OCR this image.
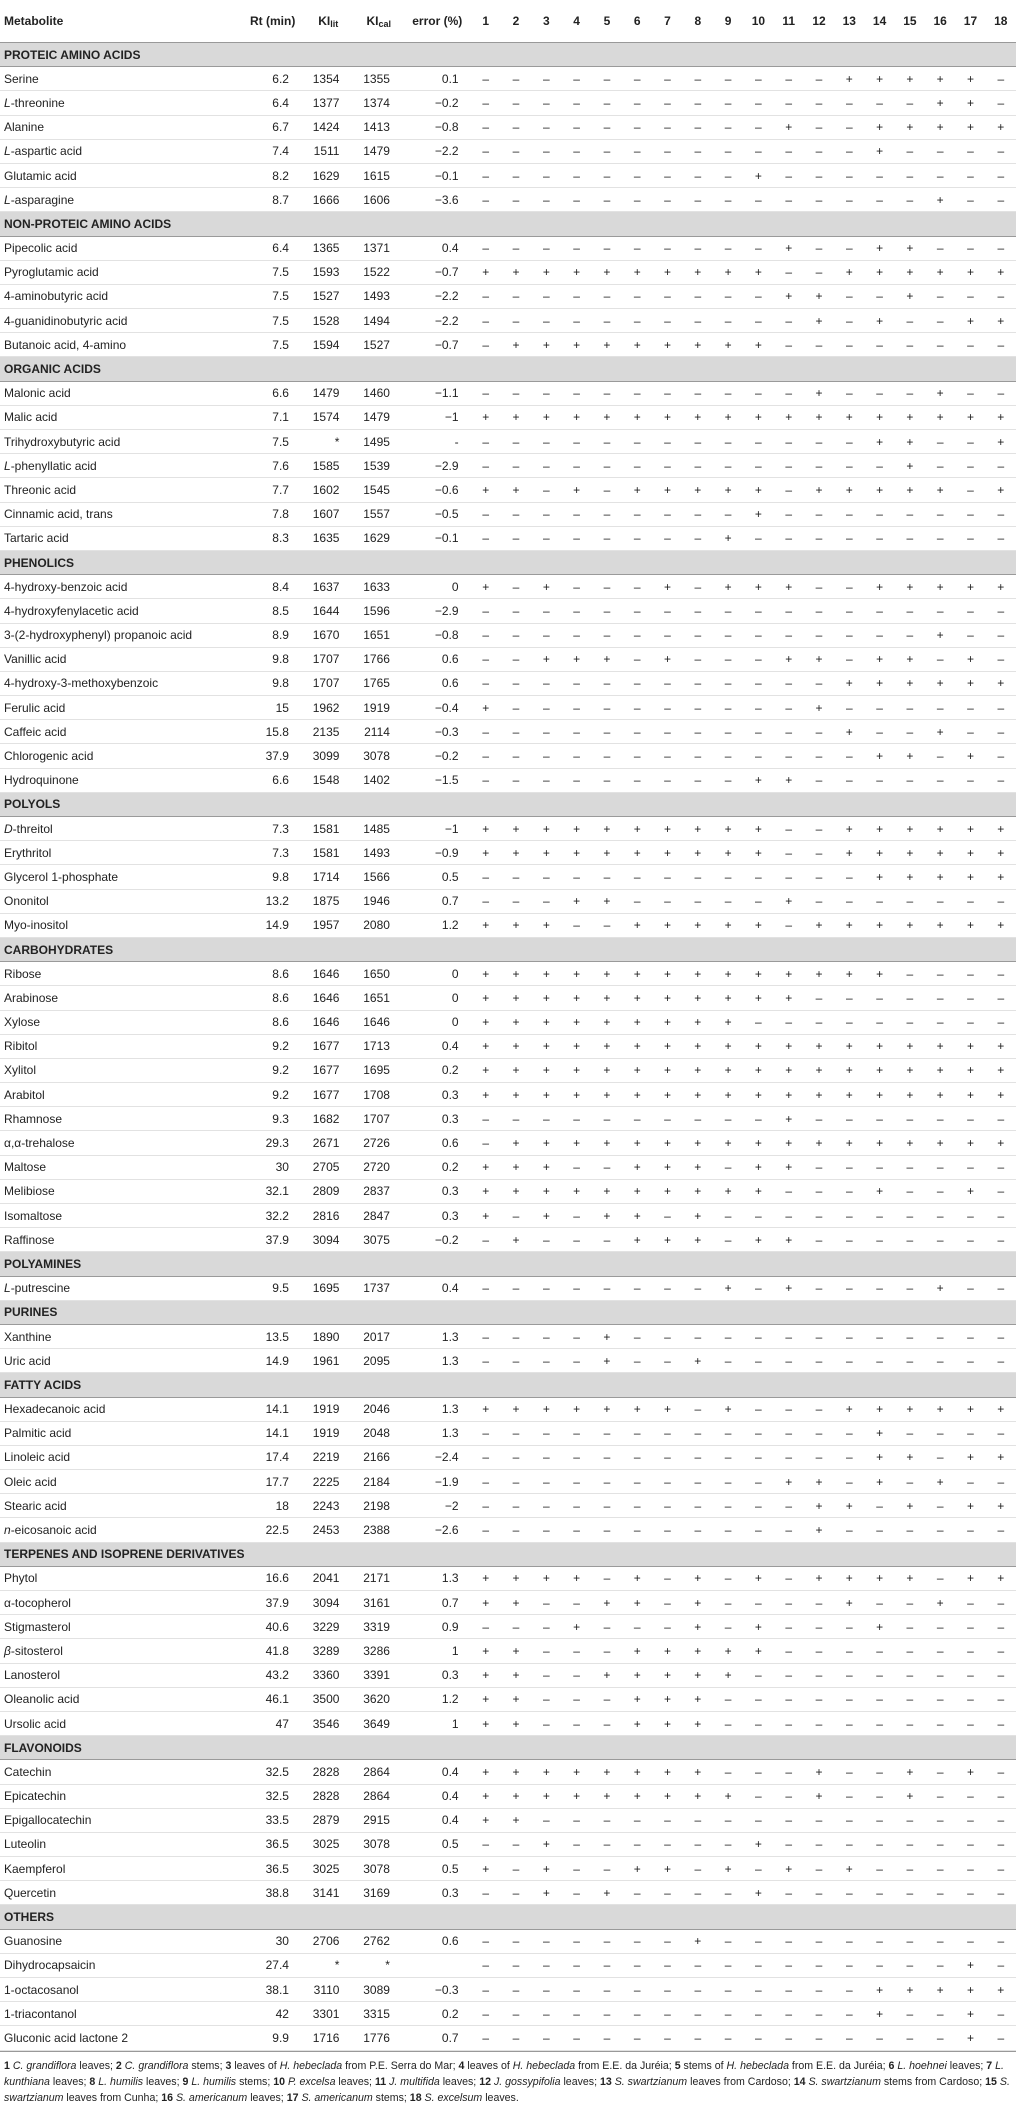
Metabolite	Rt (min)	$KI_{lit}$	$KI_{cal}$	error (%)	1	2	3	4	5	6	7	8	9	10	11	12	13	14	15	16	17	18
PROTEIC AMINO ACIDS																						
Serine	6.2	1354	1355	0.1	–	–	–	–	–	–	–	–	–	–	–	–	+	+	+	+	+	–
L-threonine	6.4	1377	1374	−0.2	–	–	–	–	–	–	–	–	–	–	–	–	–	–	–	+	+	–
Alanine	6.7	1424	1413	−0.8	–	–	–	–	–	–	–	–	–	–	+	–	–	+	+	+	+	+
L-aspartic acid	7.4	1511	1479	−2.2	–	–	–	–	–	–	–	–	–	–	–	–	–	+	–	–	–	–
Glutamic acid	8.2	1629	1615	−0.1	–	–	–	–	–	–	–	–	–	+	–	–	–	–	–	–	–	–
L-asparagine	8.7	1666	1606	−3.6	–	–	–	–	–	–	–	–	–	–	–	–	–	–	–	+	–	–
NON-PROTEIC AMINO ACIDS																						
Pipecolic acid	6.4	1365	1371	0.4	–	–	–	–	–	–	–	–	–	–	+	–	–	+	+	–	–	–
Pyroglutamic acid	7.5	1593	1522	−0.7	+	+	+	+	+	+	+	+	+	+	–	–	+	+	+	+	+	+
4-aminobutyric acid	7.5	1527	1493	−2.2	–	–	–	–	–	–	–	–	–	–	+	+	–	–	+	–	–	–
4-guanidinobutyric acid	7.5	1528	1494	−2.2	–	–	–	–	–	–	–	–	–	–	–	+	–	+	–	–	+	+
Butanoic acid, 4-amino	7.5	1594	1527	−0.7	–	+	+	+	+	+	+	+	+	+	–	–	–	–	–	–	–	–
ORGANIC ACIDS																						
Malonic acid	6.6	1479	1460	−1.1	–	–	–	–	–	–	–	–	–	–	–	+	–	–	–	+	–	–
Malic acid	7.1	1574	1479	−1	+	+	+	+	+	+	+	+	+	+	+	+	+	+	+	+	+	+
Trihydroxybutyric acid	7.5	*	1495	-	–	–	–	–	–	–	–	–	–	–	–	–	–	+	+	–	–	+
L-phenyllatic acid	7.6	1585	1539	−2.9	–	–	–	–	–	–	–	–	–	–	–	–	–	–	+	–	–	–
Threonic acid	7.7	1602	1545	−0.6	+	+	–	+	–	+	+	+	+	+	–	+	+	+	+	+	–	+
Cinnamic acid, trans	7.8	1607	1557	−0.5	–	–	–	–	–	–	–	–	–	+	–	–	–	–	–	–	–	–
Tartaric acid	8.3	1635	1629	−0.1	–	–	–	–	–	–	–	–	+	–	–	–	–	–	–	–	–	–
PHENOLICS																						
4-hydroxy-benzoic acid	8.4	1637	1633	0	+	–	+	–	–	–	+	–	+	+	+	–	–	+	+	+	+	+
4-hydroxyfenylacetic acid	8.5	1644	1596	−2.9	–	–	–	–	–	–	–	–	–	–	–	–	–	–	–	–	–	–
3-(2-hydroxyphenyl) propanoic acid	8.9	1670	1651	−0.8	–	–	–	–	–	–	–	–	–	–	–	–	–	–	–	+	–	–
Vanillic acid	9.8	1707	1766	0.6	–	–	+	+	+	–	+	–	–	–	+	+	–	+	+	–	+	–
4-hydroxy-3-methoxybenzoic	9.8	1707	1765	0.6	–	–	–	–	–	–	–	–	–	–	–	–	+	+	+	+	+	+
Ferulic acid	15	1962	1919	−0.4	+	–	–	–	–	–	–	–	–	–	–	+	–	–	–	–	–	–
Caffeic acid	15.8	2135	2114	−0.3	–	–	–	–	–	–	–	–	–	–	–	–	+	–	–	+	–	–
Chlorogenic acid	37.9	3099	3078	−0.2	–	–	–	–	–	–	–	–	–	–	–	–	–	+	+	–	+	–
Hydroquinone	6.6	1548	1402	−1.5	–	–	–	–	–	–	–	–	–	+	+	–	–	–	–	–	–	–
POLYOLS																						
D-threitol	7.3	1581	1485	−1	+	+	+	+	+	+	+	+	+	+	–	–	+	+	+	+	+	+
Erythritol	7.3	1581	1493	−0.9	+	+	+	+	+	+	+	+	+	+	–	–	+	+	+	+	+	+
Glycerol 1-phosphate	9.8	1714	1566	0.5	–	–	–	–	–	–	–	–	–	–	–	–	–	+	+	+	+	+
Ononitol	13.2	1875	1946	0.7	–	–	–	+	+	–	–	–	–	–	+	–	–	–	–	–	–	–
Myo-inositol	14.9	1957	2080	1.2	+	+	+	–	–	+	+	+	+	+	–	+	+	+	+	+	+	+
CARBOHYDRATES																						
Ribose	8.6	1646	1650	0	+	+	+	+	+	+	+	+	+	+	+	+	+	+	–	–	–	–
Arabinose	8.6	1646	1651	0	+	+	+	+	+	+	+	+	+	+	+	–	–	–	–	–	–	–
Xylose	8.6	1646	1646	0	+	+	+	+	+	+	+	+	+	–	–	–	–	–	–	–	–	–
Ribitol	9.2	1677	1713	0.4	+	+	+	+	+	+	+	+	+	+	+	+	+	+	+	+	+	+
Xylitol	9.2	1677	1695	0.2	+	+	+	+	+	+	+	+	+	+	+	+	+	+	+	+	+	+
Arabitol	9.2	1677	1708	0.3	+	+	+	+	+	+	+	+	+	+	+	+	+	+	+	+	+	+
Rhamnose	9.3	1682	1707	0.3	–	–	–	–	–	–	–	–	–	–	+	–	–	–	–	–	–	–
α,α-trehalose	29.3	2671	2726	0.6	–	+	+	+	+	+	+	+	+	+	+	+	+	+	+	+	+	+
Maltose	30	2705	2720	0.2	+	+	+	–	–	+	+	+	–	+	+	–	–	–	–	–	–	–
Melibiose	32.1	2809	2837	0.3	+	+	+	+	+	+	+	+	+	+	–	–	–	+	–	–	+	–
Isomaltose	32.2	2816	2847	0.3	+	–	+	–	+	+	–	+	–	–	–	–	–	–	–	–	–	–
Raffinose	37.9	3094	3075	−0.2	–	+	–	–	–	+	+	+	–	+	+	–	–	–	–	–	–	–
POLYAMINES																						
L-putrescine	9.5	1695	1737	0.4	–	–	–	–	–	–	–	–	+	–	+	–	–	–	–	+	–	–
PURINES																						
Xanthine	13.5	1890	2017	1.3	–	–	–	–	+	–	–	–	–	–	–	–	–	–	–	–	–	–
Uric acid	14.9	1961	2095	1.3	–	–	–	–	+	–	–	+	–	–	–	–	–	–	–	–	–	–
FATTY ACIDS																						
Hexadecanoic acid	14.1	1919	2046	1.3	+	+	+	+	+	+	+	–	+	–	–	–	+	+	+	+	+	+
Palmitic acid	14.1	1919	2048	1.3	–	–	–	–	–	–	–	–	–	–	–	–	–	+	–	–	–	–
Linoleic acid	17.4	2219	2166	−2.4	–	–	–	–	–	–	–	–	–	–	–	–	–	+	+	–	+	+
Oleic acid	17.7	2225	2184	−1.9	–	–	–	–	–	–	–	–	–	–	+	+	–	+	–	+	–	–
Stearic acid	18	2243	2198	−2	–	–	–	–	–	–	–	–	–	–	–	+	+	–	+	–	+	+
n-eicosanoic acid	22.5	2453	2388	−2.6	–	–	–	–	–	–	–	–	–	–	–	+	–	–	–	–	–	–
TERPENES AND ISOPRENE DERIVATIVES																						
Phytol	16.6	2041	2171	1.3	+	+	+	+	–	+	–	+	–	+	–	+	+	+	+	–	+	+
α-tocopherol	37.9	3094	3161	0.7	+	+	–	–	+	+	–	+	–	–	–	–	+	–	–	+	–	–
Stigmasterol	40.6	3229	3319	0.9	–	–	–	+	–	–	–	+	–	+	–	–	–	+	–	–	–	–
β-sitosterol	41.8	3289	3286	1	+	+	–	–	–	+	+	+	+	+	–	–	–	–	–	–	–	–
Lanosterol	43.2	3360	3391	0.3	+	+	–	–	+	+	+	+	+	–	–	–	–	–	–	–	–	–
Oleanolic acid	46.1	3500	3620	1.2	+	+	–	–	–	+	+	+	–	–	–	–	–	–	–	–	–	–
Ursolic acid	47	3546	3649	1	+	+	–	–	–	+	+	+	–	–	–	–	–	–	–	–	–	–
FLAVONOIDS																						
Catechin	32.5	2828	2864	0.4	+	+	+	+	+	+	+	+	–	–	–	+	–	–	+	–	+	–
Epicatechin	32.5	2828	2864	0.4	+	+	+	+	+	+	+	+	+	–	–	+	–	–	+	–	–	–
Epigallocatechin	33.5	2879	2915	0.4	+	+	–	–	–	–	–	–	–	–	–	–	–	–	–	–	–	–
Luteolin	36.5	3025	3078	0.5	–	–	+	–	–	–	–	–	–	+	–	–	–	–	–	–	–	–
Kaempferol	36.5	3025	3078	0.5	+	–	+	–	–	+	+	–	+	–	+	–	+	–	–	–	–	–
Quercetin	38.8	3141	3169	0.3	–	–	+	–	+	–	–	–	–	+	–	–	–	–	–	–	–	–
OTHERS																						
Guanosine	30	2706	2762	0.6	–	–	–	–	–	–	–	+	–	–	–	–	–	–	–	–	–	–
Dihydrocapsaicin	27.4	*	*		–	–	–	–	–	–	–	–	–	–	–	–	–	–	–	–	+	–
1-octacosanol	38.1	3110	3089	−0.3	–	–	–	–	–	–	–	–	–	–	–	–	–	+	+	+	+	+
1-triacontanol	42	3301	3315	0.2	–	–	–	–	–	–	–	–	–	–	–	–	–	+	–	–	+	–
Gluconic acid lactone 2	9.9	1716	1776	0.7	–	–	–	–	–	–	–	–	–	–	–	–	–	–	–	–	+	–
1 C. grandiflora leaves; 2 C. grandiflora stems; 3 leaves of H. hebeclada from P.E. Serra do Mar; 4 leaves of H. hebeclada from E.E. da Juréia; 5 stems of H. hebeclada from E.E. da Juréia; 6 L. hoehnei leaves; 7 L. kunthiana leaves; 8 L. humilis leaves; 9 L. humilis stems; 10 P. excelsa leaves; 11 J. multifida leaves; 12 J. gossypifolia leaves; 13 S. swartzianum leaves from Cardoso; 14 S. swartzianum stems from Cardoso; 15 S. swartzianum leaves from Cunha; 16 S. americanum leaves; 17 S. americanum stems; 18 S. excelsum leaves.
